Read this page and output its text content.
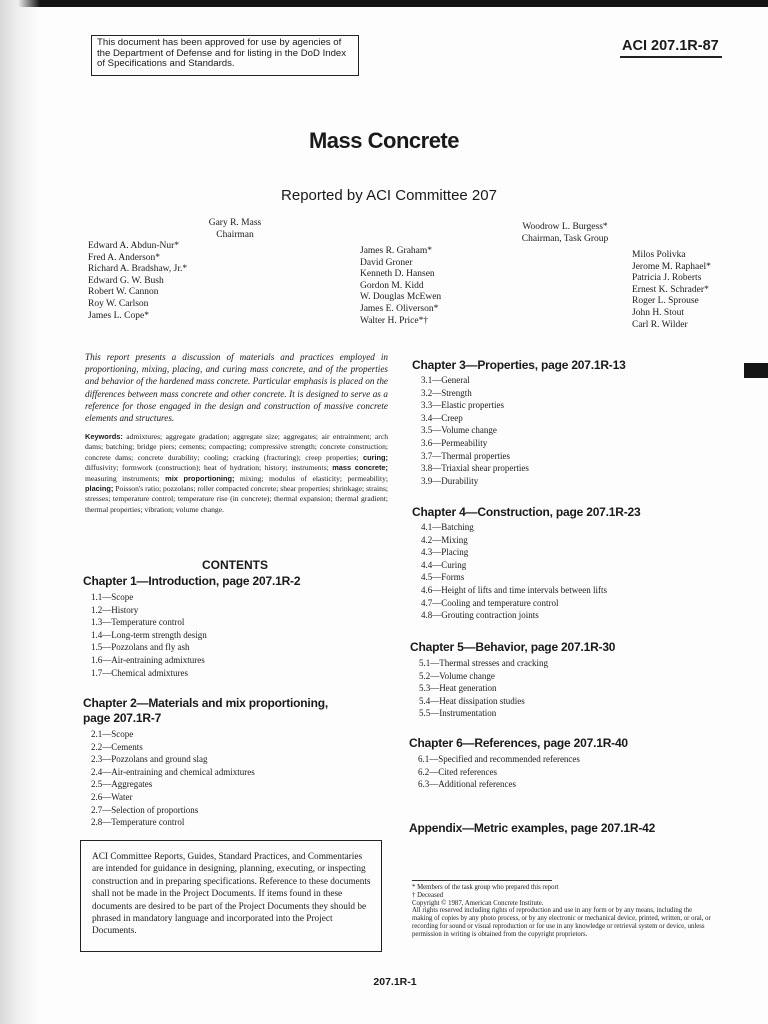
This document has been approved for use by agencies of the Department of Defense and for listing in the DoD Index of Specifications and Standards.
ACI 207.1R-87
Mass Concrete
Reported by ACI Committee 207
Gary R. Mass
Chairman
Woodrow L. Burgess*
Chairman, Task Group
Edward A. Abdun-Nur*
Fred A. Anderson*
Richard A. Bradshaw, Jr.*
Edward G. W. Bush
Robert W. Cannon
Roy W. Carlson
James L. Cope*
James R. Graham*
David Groner
Kenneth D. Hansen
Gordon M. Kidd
W. Douglas McEwen
James E. Oliverson*
Walter H. Price*†
Milos Polivka
Jerome M. Raphael*
Patricia J. Roberts
Ernest K. Schrader*
Roger L. Sprouse
John H. Stout
Carl R. Wilder

This report presents a discussion of materials and practices employed in proportioning, mixing, placing, and curing mass concrete, and of the properties and behavior of the hardened mass concrete. Particular emphasis is placed on the differences between mass concrete and other concrete. It is designed to serve as a reference for those engaged in the design and construction of massive concrete elements and structures.

Keywords: admixtures; aggregate gradation; aggregate size; aggregates; air entrainment; arch dams; batching; bridge piers; cements; compacting; compressive strength; concrete construction; concrete dams; concrete durability; cooling; cracking (fracturing); creep properties; curing; diffusivity; formwork (construction); heat of hydration; history; instruments; mass concrete; measuring instruments; mix proportioning; mixing; modulus of elasticity; permeability; placing; Poisson's ratio; pozzolans; roller compacted concrete; shear properties; shrinkage; strains; stresses; temperature control; temperature rise (in concrete); thermal expansion; thermal gradient; thermal properties; vibration; volume change.

CONTENTS
Chapter 1—Introduction, page 207.1R-2
1.1—Scope
1.2—History
1.3—Temperature control
1.4—Long-term strength design
1.5—Pozzolans and fly ash
1.6—Air-entraining admixtures
1.7—Chemical admixtures
Chapter 2—Materials and mix proportioning,
page 207.1R-7
2.1—Scope
2.2—Cements
2.3—Pozzolans and ground slag
2.4—Air-entraining and chemical admixtures
2.5—Aggregates
2.6—Water
2.7—Selection of proportions
2.8—Temperature control
Chapter 3—Properties, page 207.1R-13
3.1—General
3.2—Strength
3.3—Elastic properties
3.4—Creep
3.5—Volume change
3.6—Permeability
3.7—Thermal properties
3.8—Triaxial shear properties
3.9—Durability
Chapter 4—Construction, page 207.1R-23
4.1—Batching
4.2—Mixing
4.3—Placing
4.4—Curing
4.5—Forms
4.6—Height of lifts and time intervals between lifts
4.7—Cooling and temperature control
4.8—Grouting contraction joints
Chapter 5—Behavior, page 207.1R-30
5.1—Thermal stresses and cracking
5.2—Volume change
5.3—Heat generation
5.4—Heat dissipation studies
5.5—Instrumentation
Chapter 6—References, page 207.1R-40
6.1—Specified and recommended references
6.2—Cited references
6.3—Additional references
Appendix—Metric examples, page 207.1R-42
ACI Committee Reports, Guides, Standard Practices, and Commentaries are intended for guidance in designing, planning, executing, or inspecting construction and in preparing specifications. Reference to these documents shall not be made in the Project Documents. If items found in these documents are desired to be part of the Project Documents they should be phrased in mandatory language and incorporated into the Project Documents.
* Members of the task group who prepared this report
† Deceased
Copyright © 1987, American Concrete Institute.
All rights reserved including rights of reproduction and use in any form or by any means, including the making of copies by any photo process, or by any electronic or mechanical device, printed, written, or oral, or recording for sound or visual reproduction or for use in any knowledge or retrieval system or device, unless permission in writing is obtained from the copyright proprietors.
207.1R-1
